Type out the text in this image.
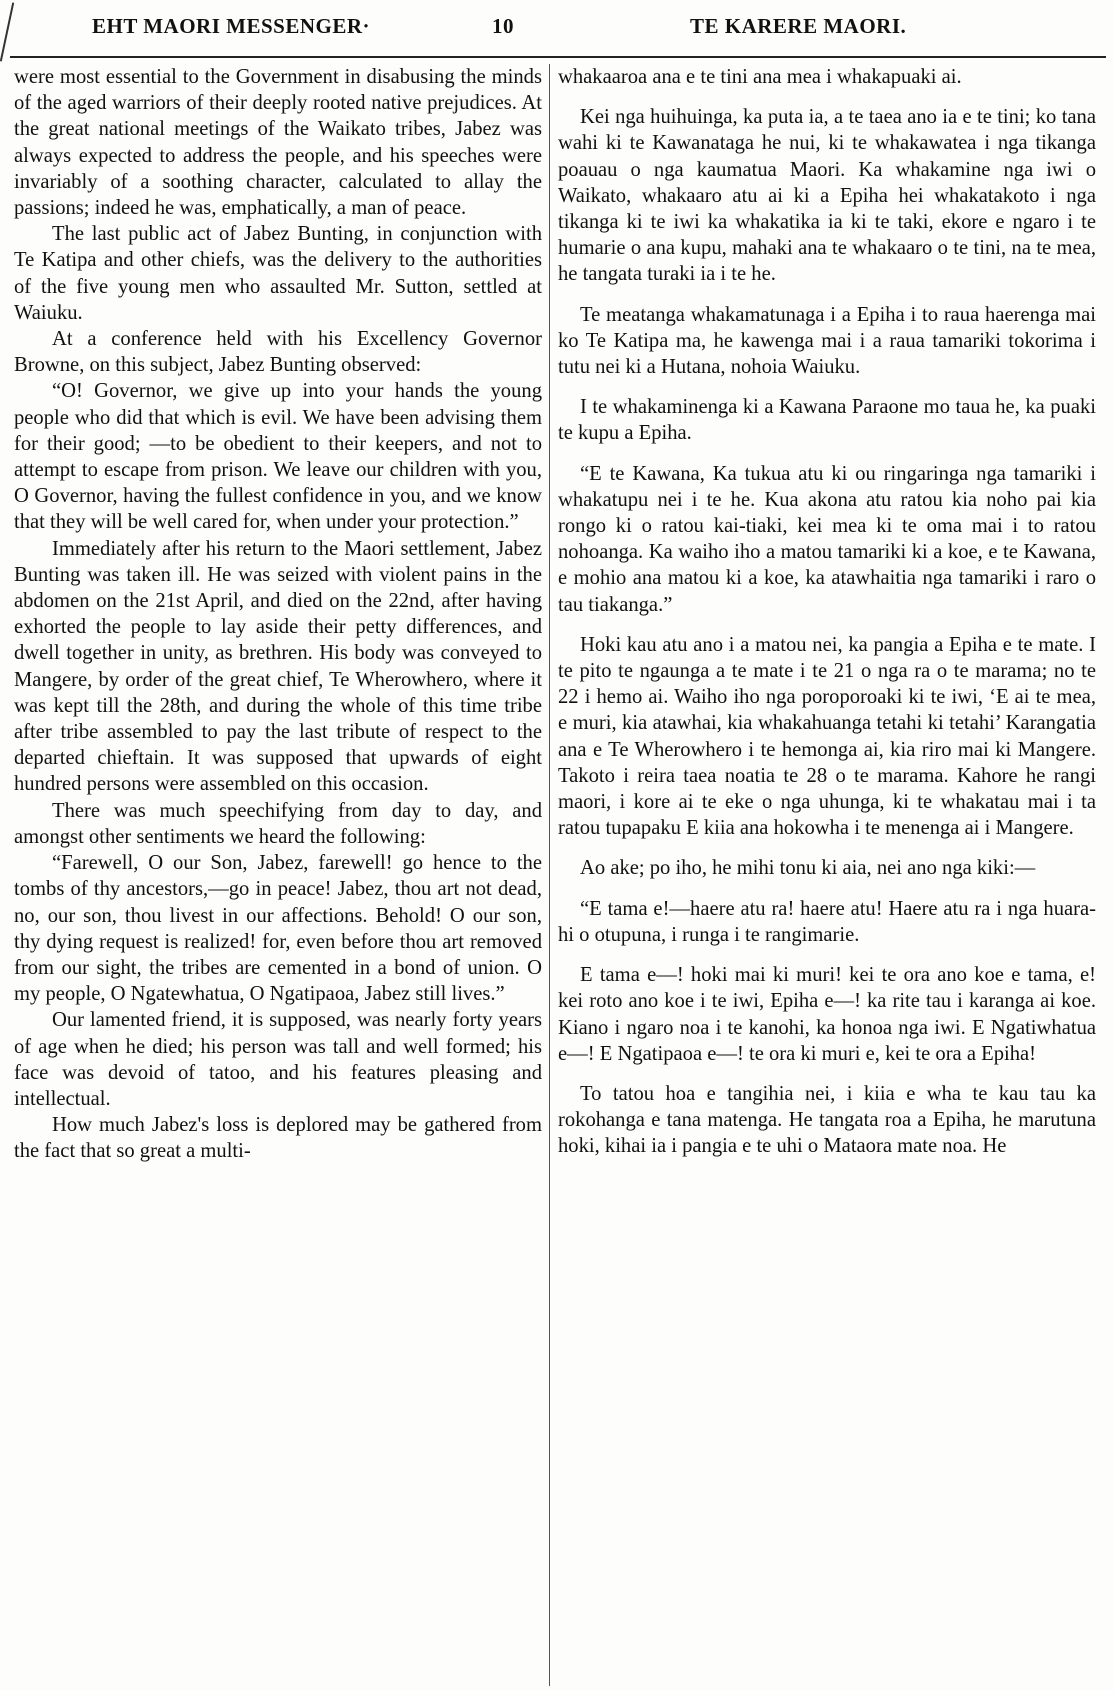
EHT MAORI MESSENGER·	10	TE KARERE MAORI.

were most essential to the Government in disabusing the minds of the aged warriors of their deeply rooted native prejudices. At the great national meetings of the Waikato tribes, Jabez was always expected to address the people, and his speeches were invariably of a soothing character, calculated to allay the passions; indeed he was, emphatically, a man of peace.

The last public act of Jabez Bunting, in conjunction with Te Katipa and other chiefs, was the delivery to the authorities of the five young men who assaulted Mr. Sutton, settled at Waiuku.

At a conference held with his Excellency Governor Browne, on this subject, Jabez Bunting observed:

“O! Governor, we give up into your hands the young people who did that which is evil. We have been advising them for their good; —to be obedient to their keepers, and not to attempt to escape from prison. We leave our children with you, O Governor, having the fullest confidence in you, and we know that they will be well cared for, when under your protection.”

Immediately after his return to the Maori settlement, Jabez Bunting was taken ill. He was seized with violent pains in the abdomen on the 21st April, and died on the 22nd, after having exhorted the people to lay aside their petty differences, and dwell together in unity, as brethren. His body was conveyed to Mangere, by order of the great chief, Te Wherowhero, where it was kept till the 28th, and during the whole of this time tribe after tribe assembled to pay the last tribute of respect to the departed chieftain. It was supposed that upwards of eight hundred persons were assembled on this occasion.

There was much speechifying from day to day, and amongst other sentiments we heard the following:

“Farewell, O our Son, Jabez, farewell! go hence to the tombs of thy ancestors,—go in peace! Jabez, thou art not dead, no, our son, thou livest in our affections. Behold! O our son, thy dying request is realized! for, even before thou art removed from our sight, the tribes are cemented in a bond of union. O my people, O Ngatewhatua, O Ngatipaoa, Jabez still lives.”

Our lamented friend, it is supposed, was nearly forty years of age when he died; his person was tall and well formed; his face was devoid of tatoo, and his features pleasing and intellectual.

How much Jabez's loss is deplored may be gathered from the fact that so great a multi-

whakaaroa ana e te tini ana mea i whakapuaki ai.

Kei nga huihuinga, ka puta ia, a te taea ano ia e te tini; ko tana wahi ki te Kawanataga he nui, ki te whakawatea i nga tikanga poauau o nga kaumatua Maori. Ka whakamine nga iwi o Waikato, whakaaro atu ai ki a Epiha hei whakatakoto i nga tikanga ki te iwi ka whakatika ia ki te taki, ekore e ngaro i te humarie o ana kupu, mahaki ana te whakaaro o te tini, na te mea, he tangata turaki ia i te he.

Te meatanga whakamatunaga i a Epiha i to raua haerenga mai ko Te Katipa ma, he kawenga mai i a raua tamariki tokorima i tutu nei ki a Hutana, nohoia Waiuku.

I te whakaminenga ki a Kawana Paraone mo taua he, ka puaki te kupu a Epiha.

“E te Kawana, Ka tukua atu ki ou ringaringa nga tamariki i whakatupu nei i te he. Kua akona atu ratou kia noho pai kia rongo ki o ratou kai-tiaki, kei mea ki te oma mai i to ratou nohoanga. Ka waiho iho a matou tamariki ki a koe, e te Kawana, e mohio ana matou ki a koe, ka atawhaitia nga tamariki i raro o tau tiakanga.”

Hoki kau atu ano i a matou nei, ka pangia a Epiha e te mate. I te pito te ngaunga a te mate i te 21 o nga ra o te marama; no te 22 i hemo ai. Waiho iho nga poroporoaki ki te iwi, ‘E ai te mea, e muri, kia atawhai, kia whakahuanga tetahi ki tetahi’ Karangatia ana e Te Wherowhero i te hemonga ai, kia riro mai ki Mangere. Takoto i reira taea noatia te 28 o te marama. Kahore he rangi maori, i kore ai te eke o nga uhunga, ki te whakatau mai i ta ratou tupapaku E kiia ana hokowha i te menenga ai i Mangere.

Ao ake; po iho, he mihi tonu ki aia, nei ano nga kiki:—

“E tama e!—haere atu ra! haere atu! Haere atu ra i nga huara-hi o otupuna, i runga i te rangimarie.

E tama e—! hoki mai ki muri! kei te ora ano koe e tama, e! kei roto ano koe i te iwi, Epiha e—! ka rite tau i karanga ai koe. Kiano i ngaro noa i te kanohi, ka honoa nga iwi. E Ngatiwhatua e—! E Ngatipaoa e—! te ora ki muri e, kei te ora a Epiha!

To tatou hoa e tangihia nei, i kiia e wha te kau tau ka rokohanga e tana matenga. He tangata roa a Epiha, he marutuna hoki, kihai ia i pangia e te uhi o Mataora mate noa. He
